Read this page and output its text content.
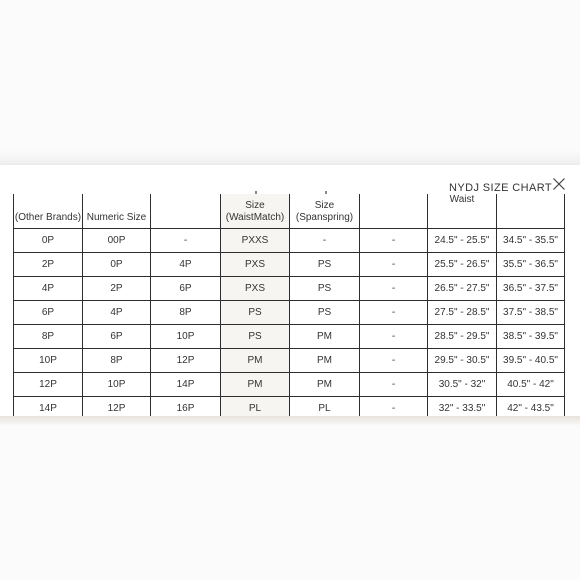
NYDJ SIZE CHART
(Other Brands)	Numeric Size		Size (WaistMatch)	Size (Spanspring)		Waist	

0P	00P	-	PXXS	-	-	24.5" - 25.5"	34.5" - 35.5"
2P	0P	4P	PXS	PS	-	25.5" - 26.5"	35.5" - 36.5"
4P	2P	6P	PXS	PS	-	26.5" - 27.5"	36.5" - 37.5"
6P	4P	8P	PS	PS	-	27.5" - 28.5"	37.5" - 38.5"
8P	6P	10P	PS	PM	-	28.5" - 29.5"	38.5" - 39.5"
10P	8P	12P	PM	PM	-	29.5" - 30.5"	39.5" - 40.5"
12P	10P	14P	PM	PM	-	30.5" - 32"	40.5" - 42"
14P	12P	16P	PL	PL	-	32" - 33.5"	42" - 43.5"
